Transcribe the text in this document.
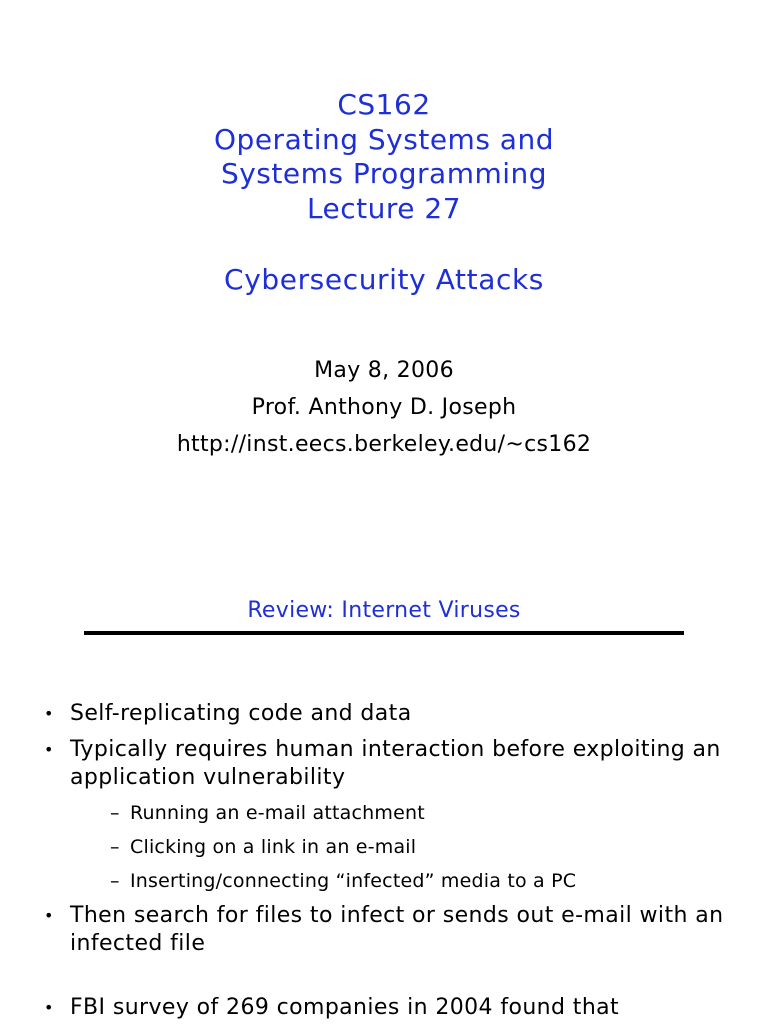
CS162
Operating Systems and
Systems Programming
Lecture 27
Cybersecurity Attacks
May 8, 2006
Prof. Anthony D. Joseph
http://inst.eecs.berkeley.edu/~cs162
Review: Internet Viruses
• Self-replicating code and data
• Typically requires human interaction before exploiting an application vulnerability
– Running an e-mail attachment
– Clicking on a link in an e-mail
– Inserting/connecting “infected” media to a PC
• Then search for files to infect or sends out e-mail with an infected file
• FBI survey of 269 companies in 2004 found that
